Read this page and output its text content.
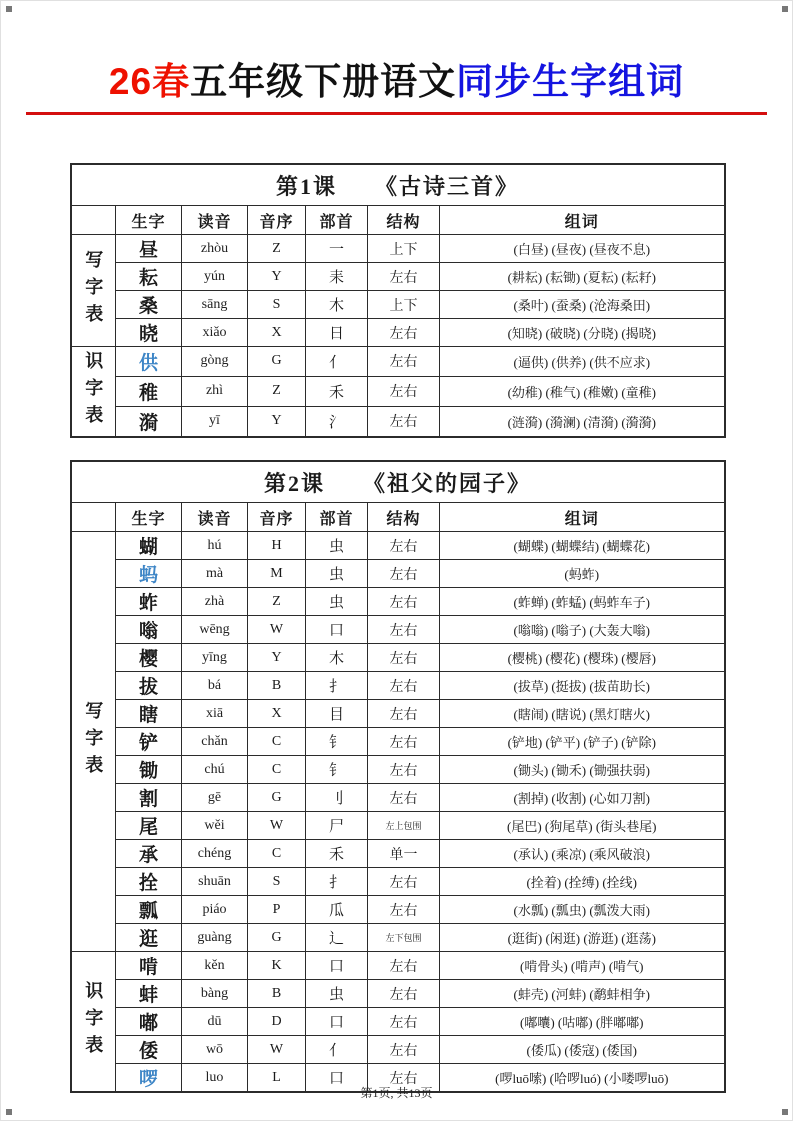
26春五年级下册语文同步生字组词
第1课 《古诗三首》						
	生字	读音	音序	部首	结构	组词
写字表	昼	zhòu	Z	一	上下	(白昼) (昼夜) (昼夜不息)
	耘	yún	Y	耒	左右	(耕耘) (耘锄) (夏耘) (耘耔)
	桑	sāng	S	木	上下	(桑叶) (蚕桑) (沧海桑田)
	晓	xiǎo	X	日	左右	(知晓) (破晓) (分晓) (揭晓)
识字表	供	gòng	G	亻	左右	(逼供) (供养) (供不应求)
	稚	zhì	Z	禾	左右	(幼稚) (稚气) (稚嫩) (童稚)
	漪	yī	Y	氵	左右	(涟漪) (漪澜) (清漪) (漪漪)
第2课 《祖父的园子》						
	生字	读音	音序	部首	结构	组词
写字表	蝴	hú	H	虫	左右	(蝴蝶) (蝴蝶结) (蝴蝶花)
	蚂	mà	M	虫	左右	(蚂蚱)
	蚱	zhà	Z	虫	左右	(蚱蝉) (蚱蜢) (蚂蚱车子)
	嗡	wēng	W	口	左右	(嗡嗡) (嗡子) (大轰大嗡)
	樱	yīng	Y	木	左右	(樱桃) (樱花) (樱珠) (樱唇)
	拔	bá	B	扌	左右	(拔草) (挺拔) (拔苗助长)
	瞎	xiā	X	目	左右	(瞎闹) (瞎说) (黑灯瞎火)
	铲	chǎn	C	钅	左右	(铲地) (铲平) (铲子) (铲除)
	锄	chú	C	钅	左右	(锄头) (锄禾) (锄强扶弱)
	割	gē	G	刂	左右	(割掉) (收割) (心如刀割)
	尾	wěi	W	尸	左上包围	(尾巴) (狗尾草) (街头巷尾)
	承	chéng	C	禾	单一	(承认) (乘凉) (乘风破浪)
	拴	shuān	S	扌	左右	(拴着) (拴缚) (拴线)
	瓢	piáo	P	瓜	左右	(水瓢) (瓢虫) (瓢泼大雨)
	逛	guàng	G	辶	左下包围	(逛街) (闲逛) (游逛) (逛荡)
识字表	啃	kěn	K	口	左右	(啃骨头) (啃声) (啃气)
	蚌	bàng	B	虫	左右	(蚌壳) (河蚌) (鹬蚌相争)
	嘟	dū	D	口	左右	(嘟囔) (咕嘟) (胖嘟嘟)
	倭	wō	W	亻	左右	(倭瓜) (倭寇) (倭国)
	啰	luo	L	口	左右	(啰luō嗦) (哈啰luó) (小喽啰luō)
第1页, 共13页
